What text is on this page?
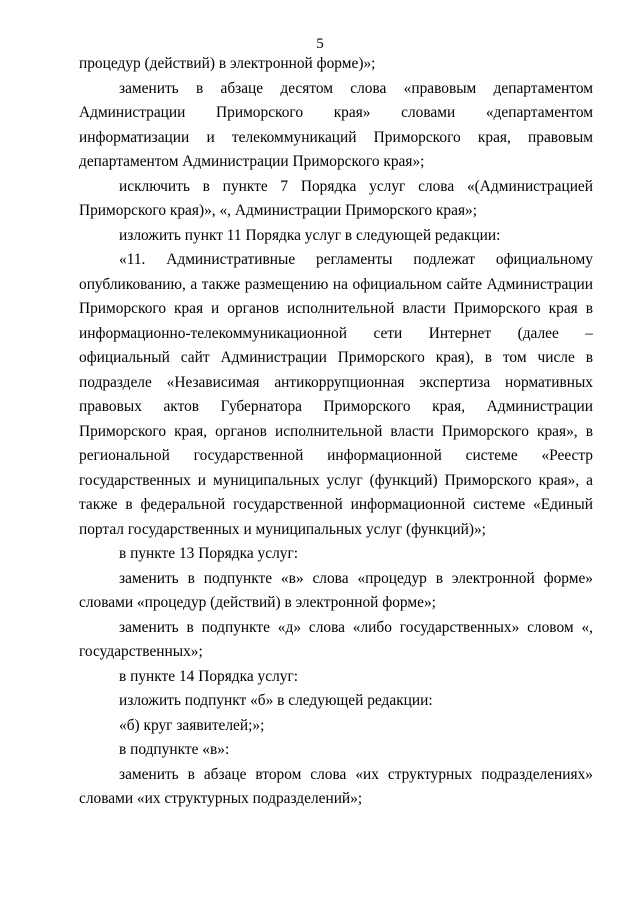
5

процедур (действий) в электронной форме)»;

заменить в абзаце десятом слова «правовым департаментом Администрации Приморского края» словами «департаментом информатизации и телекоммуникаций Приморского края, правовым департаментом Администрации Приморского края»;

исключить в пункте 7 Порядка услуг слова «(Администрацией Приморского края)», «, Администрации Приморского края»;

изложить пункт 11 Порядка услуг в следующей редакции:

«11. Административные регламенты подлежат официальному опубликованию, а также размещению на официальном сайте Администрации Приморского края и органов исполнительной власти Приморского края в информационно-телекоммуникационной сети Интернет (далее – официальный сайт Администрации Приморского края), в том числе в подразделе «Независимая антикоррупционная экспертиза нормативных правовых актов Губернатора Приморского края, Администрации Приморского края, органов исполнительной власти Приморского края», в региональной государственной информационной системе «Реестр государственных и муниципальных услуг (функций) Приморского края», а также в федеральной государственной информационной системе «Единый портал государственных и муниципальных услуг (функций)»;

в пункте 13 Порядка услуг:

заменить в подпункте «в» слова «процедур в электронной форме» словами «процедур (действий) в электронной форме»;

заменить в подпункте «д» слова «либо государственных» словом «, государственных»;

в пункте 14 Порядка услуг:

изложить подпункт «б» в следующей редакции:

«б) круг заявителей;»;

в подпункте «в»:

заменить в абзаце втором слова «их структурных подразделениях» словами «их структурных подразделений»;
